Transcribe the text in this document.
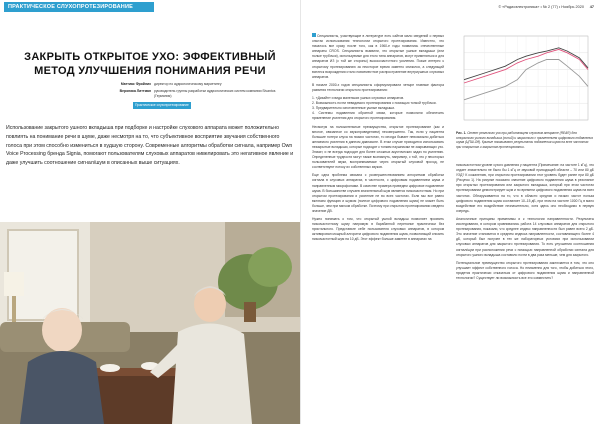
ПРАКТИЧЕСКОЕ СЛУХОПРОТЕЗИРОВАНИЕ
ЗАКРЫТЬ ОТКРЫТОЕ УХО: ЭФФЕКТИВНЫЙ
МЕТОД УЛУЧШЕНИЯ ПОНИМАНИЯ РЕЧИ
Маттиас Фройлих директор по аудиологическому маркетингу
Вероника Литтман руководитель группы разработки аудиологических систем компании Sivantos (Германия)
Практическое слухопротезирование
Использование закрытого ушного вкладыша при подборке и настройке слухового аппарата может положительно повлиять на понимание речи в шуме, даже несмотря на то, что субъективное восприятие звучания собственного голоса при этом способно измениться в худшую сторону. Современные алгоритмы обработки сигнала, например Own Voice Processing бренда Signia, помогают пользователям слуховых аппаратов нивелировать это негативное явление и даже улучшить соотношение сигнал/шум в описанных выше ситуациях.
© «Радиоэлектроника» • № 2 (77) • Ноябрь 2020 47

Специалисты, участвующие в литературе есть сайтов мало сведений о первых опытах использования технологии открытого протезирования. Известно, что началось все сразу после того, как в 1960-е годы появились отечественные аппараты CROS. Специалисты выявили, что открытые ушные вкладыши (или полые трубочки), используемые для этого типа аппаратов, могут применяться и для аппаратов ИЗ (с той же стороны) высокочастотного усиления. Позже интерес к открытому протезированию за некоторое время заметно снизился, а следующий всплеск возрождения стало повсеместное распространение внутриушных слуховых аппаратов.

В начале 2000-х годов специалисты сформулировали четыре главные фактора развития технологии открытого протезирования:

1. «Дизайн» и вида маленьких ушных слуховых аппаратов.
2. Возможность почти невидимого протезирования с помощью тонкой трубочки.
3. Предварительно изготовленные ушные вкладыши.
4. Системы подавления обратной связи, которые позволили обеспечить применение усиления для открытого протезирования.

Несмотря на положительные преимущества, открытое протезирование (как и многое, связанное со звукопроведением) несовершенно. Так, если у пациента большие потери слуха на низких частотах, то иногда бывает невозможно добиться желаемого усиления в данном диапазоне. В этом случае приходится использовать незакрытые вкладыши, которые подходят к тонким наушникам не закрывающих ухо. Значит, и не всегда подходят для более сложных акустических задач по усилению. Определенные трудности могут также возникнуть, например, с той, что у некоторых пользователей звуки, воспринимаемые через открытый слуховой проход, не соответствуют потоку их собственных звуков.

Еще одна проблема связана с усовершенствованием алгоритмов обработки сигнала в слуховых аппаратах, в частности, с цифровым подавлением шума и направленным микрофонами. В качестве примера приведем цифровое подавление шума. В большинстве случаев значительный шум является низкочастотным. Но при открытом протезировании и усиление не во всех частотах. Если мы все равно включим функцию и шумом (полное цифрового подавления шума) не может быть больше, чем при мягком обработке. Поэтому при открытом протезировании сведено значение ДВ.

Нужно понимать о том, что открытый ушной вкладыш позволяет проявить низкочастотному шуму напрямую в барабанной перепонке практически без пристального. Представьте себе пользователя слуховых аппаратов, в котором активирован мощный алгоритм цифрового подавления шума, позволяющий снизить низкочастотный шум на 10 дБ. Этот эффект больше заметен в аппаратах на

Рис. 1. Ответ реального уха при работающем слуховом аппарате (REAR) для открытого ушного вкладыша (синий) и закрытого с применением цифрового подавления шума (ЦПШ-Off). Кривые показывают результаты подавления шума на всех частотах при открытом и закрытом протезировании.

низкочастотном уровне сухого давления у пациента (Примечание: на частоте 1 кГц), что отдает значительно не было бы 1 кГц от звуковой приходящей области – 70 или 80 дБ УЗД? К сожалению, при открытом протезировании этот уровень будет ранее при 80 дБ (Рисунок 1). На рисунке показано значение цифрового подавления шума в резонансе при открытых протезирования или закрытого вкладыша, который при этом частотах протезировании демонстрирует шум и по времени цифрового подавления шума на всех частотах. Обнаруживается на то, что в области средних и низких частот польза цифрового подавления шума составляет 10–15 дБ, при этом на частоте 1000 Гц в мало воздействие его воздействие незначительно, хотя здесь оно необходимо в первую очередь.

Аналогичные принципы применимы и к технологии направленности. Результаты исследования, в котором сравнивались работа 14 слуховых аппаратов для открытого протезирования, показали, что среднее индекс направленности был равен всего 2 дБ. Это значение становится в среднем индекса направленности, составляющего более 4 дБ, который был получен в тех же лабораторных условиях при использовании слуховых аппаратов для закрытого протезирования. То есть улучшения соотношения сигнал/шум при расположении речи с помощью направленной обработки сигнала для открытого ушного вкладыша составило почти в два раза меньше, чем для закрытого.

Потенциальное преимущество открытого протезирования заключается в том, что оно улучшает эффект собственного голоса. Но неизменно для того, чтобы добиться этого, придется практически отказаться от цифрового подавления шума и направленной технологии? Существует ли возможность все это совместить?
